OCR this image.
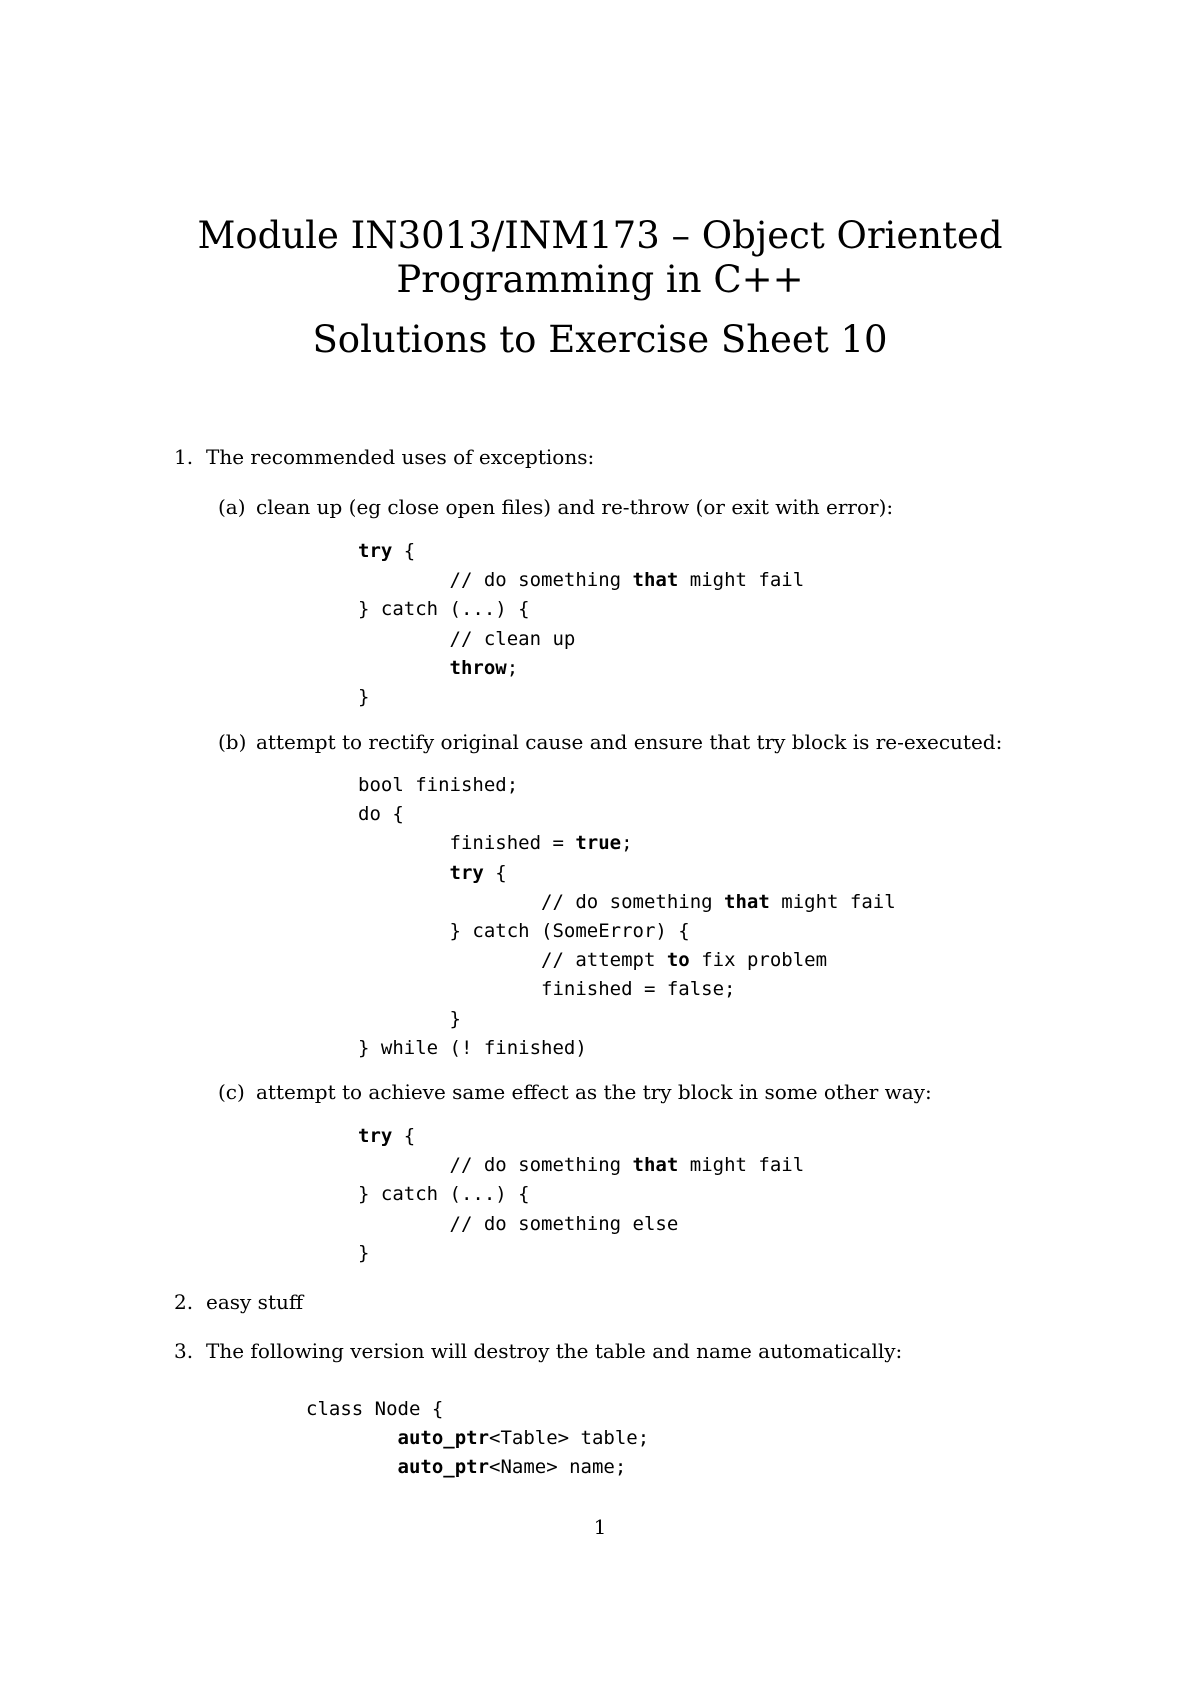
Module IN3013/INM173 – Object Oriented
Programming in C++
Solutions to Exercise Sheet 10
1. The recommended uses of exceptions:
(a) clean up (eg close open files) and re-throw (or exit with error):
try {
// do something that might fail
} catch (...) {
// clean up
throw;
}
(b) attempt to rectify original cause and ensure that try block is re-executed:
bool finished;
do {
finished = true;
try {
// do something that might fail
} catch (SomeError) {
// attempt to fix problem
finished = false;
}
} while (! finished)
(c) attempt to achieve same effect as the try block in some other way:
try {
// do something that might fail
} catch (...) {
// do something else
}
2. easy stuff
3. The following version will destroy the table and name automatically:
class Node {
auto_ptr<Table> table;
auto_ptr<Name> name;
1
